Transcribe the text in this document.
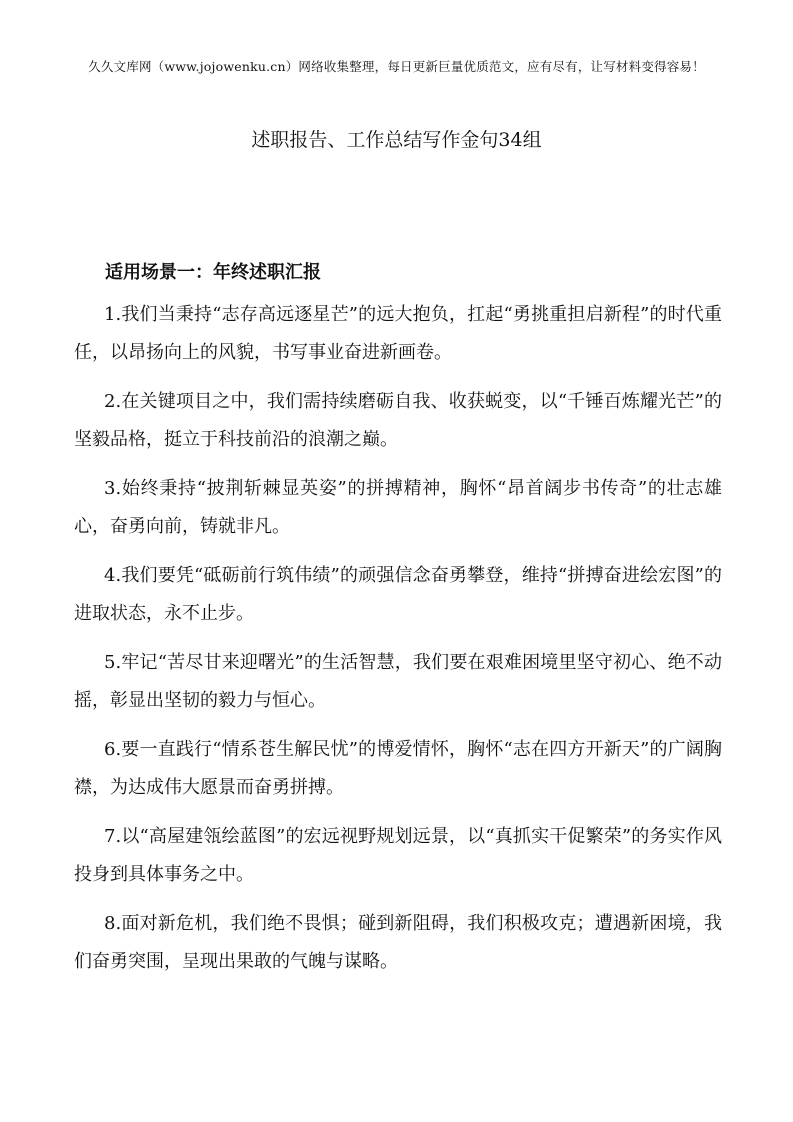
久久文库网（www.jojowenku.cn）网络收集整理，每日更新巨量优质范文，应有尽有，让写材料变得容易！
述职报告、工作总结写作金句34组
适用场景一：年终述职汇报
1.我们当秉持“志存高远逐星芒”的远大抱负，扛起“勇挑重担启新程”的时代重任，以昂扬向上的风貌，书写事业奋进新画卷。
2.在关键项目之中，我们需持续磨砺自我、收获蜕变，以“千锤百炼耀光芒”的坚毅品格，挺立于科技前沿的浪潮之巅。
3.始终秉持“披荆斩棘显英姿”的拼搏精神，胸怀“昂首阔步书传奇”的壮志雄心，奋勇向前，铸就非凡。
4.我们要凭“砥砺前行筑伟绩”的顽强信念奋勇攀登，维持“拼搏奋进绘宏图”的进取状态，永不止步。
5.牢记“苦尽甘来迎曙光”的生活智慧，我们要在艰难困境里坚守初心、绝不动摇，彰显出坚韧的毅力与恒心。
6.要一直践行“情系苍生解民忧”的博爱情怀，胸怀“志在四方开新天”的广阔胸襟，为达成伟大愿景而奋勇拼搏。
7.以“高屋建瓴绘蓝图”的宏远视野规划远景，以“真抓实干促繁荣”的务实作风投身到具体事务之中。
8.面对新危机，我们绝不畏惧；碰到新阻碍，我们积极攻克；遭遇新困境，我们奋勇突围，呈现出果敢的气魄与谋略。
